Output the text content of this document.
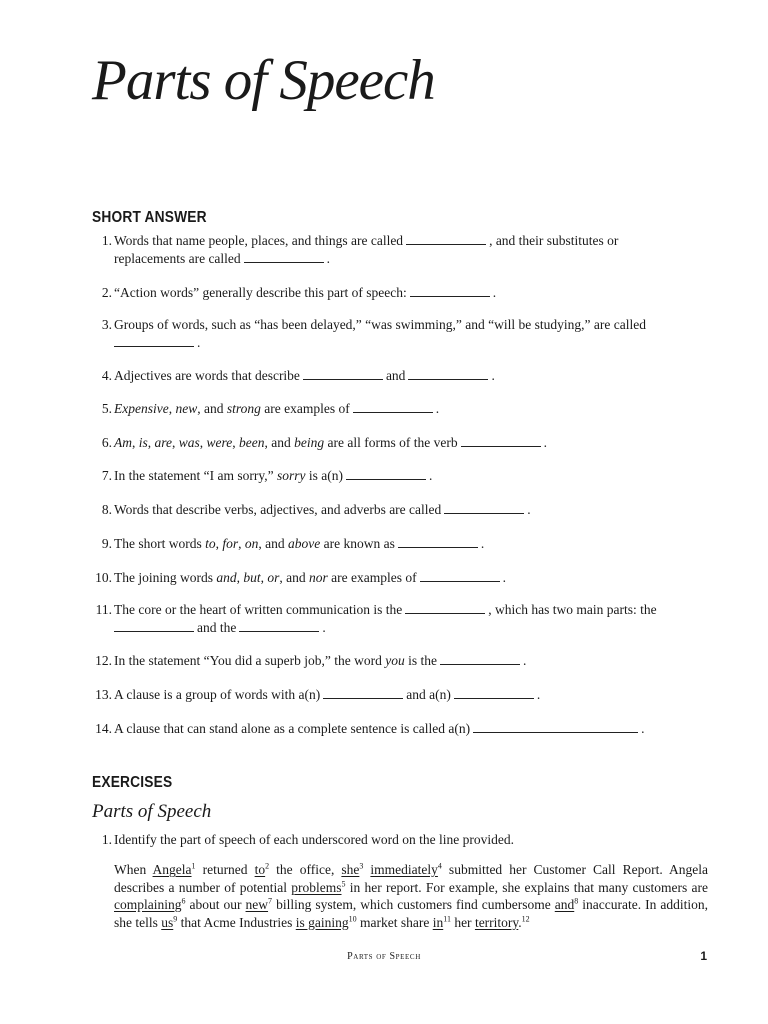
Parts of Speech
SHORT ANSWER
1. Words that name people, places, and things are called	, and their substitutes or
replacements are called	.
2. “Action words” generally describe this part of speech:	.
3. Groups of words, such as “has been delayed,” “was swimming,” and “will be studying,” are called
.
4. Adjectives are words that describe	and	.
5. Expensive, new, and strong are examples of	.
6. Am, is, are, was, were, been, and being are all forms of the verb	.
7. In the statement “I am sorry,” sorry is a(n)	.
8. Words that describe verbs, adjectives, and adverbs are called	.
9. The short words to, for, on, and above are known as	.
10. The joining words and, but, or, and nor are examples of	.
11. The core or the heart of written communication is the	, which has two main parts: the
and the	.
12. In the statement “You did a superb job,” the word you is the	.
13. A clause is a group of words with a(n)	and a(n)	.
14. A clause that can stand alone as a complete sentence is called a(n)	.
EXERCISES
Parts of Speech
1. Identify the part of speech of each underscored word on the line provided.
When Angela$^1$ returned $to^2$ the office, she$^3$ immediately$^4$ submitted her Customer Call Report. Angela describes a number of potential problems$^5$ in her report. For example, she explains that many customers are complaining$^6$ about our new$^7$ billing system, which customers find cumbersome and$^8$ inaccurate. In addition, she tells $us^9$ that Acme Industries is gaining$^{10}$ market share $in^{11}$ her territory.$^{12}$
Parts of Speech	1
